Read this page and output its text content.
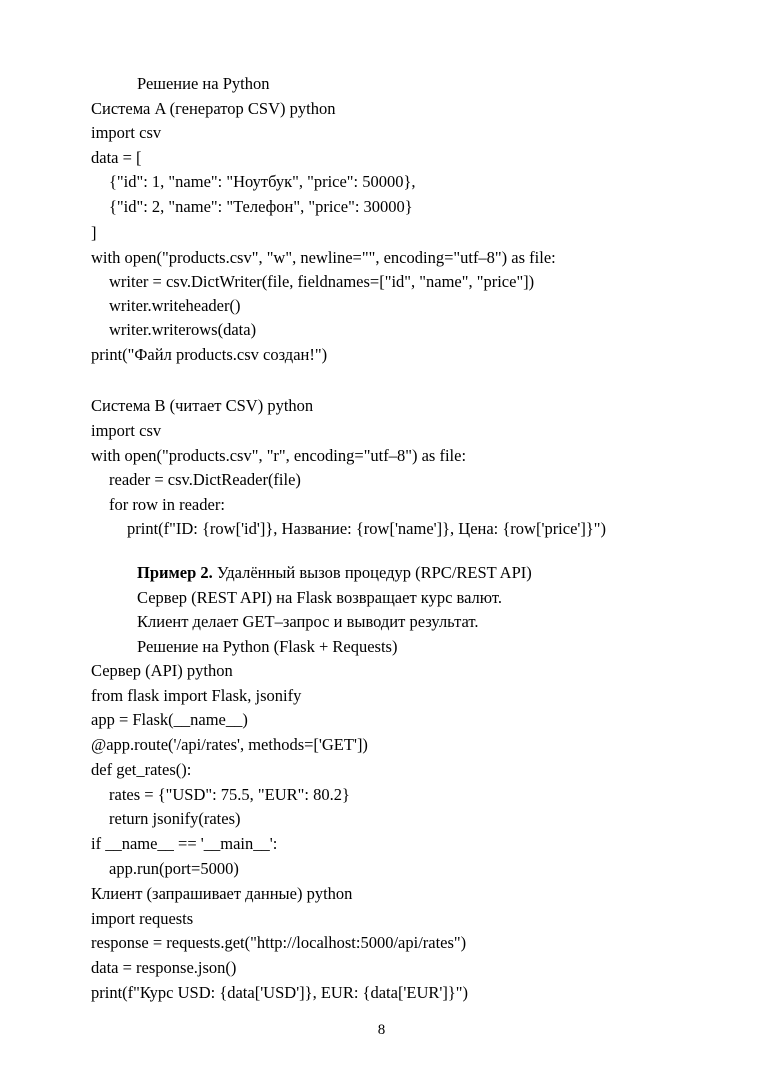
Решение на Python
Система A (генератор CSV) python
import csv
data = [
{"id": 1, "name": "Ноутбук", "price": 50000},
{"id": 2, "name": "Телефон", "price": 30000}
]
with open("products.csv", "w", newline="", encoding="utf–8") as file:
writer = csv.DictWriter(file, fieldnames=["id", "name", "price"])
writer.writeheader()
writer.writerows(data)
print("Файл products.csv создан!")
Система B (читает CSV) python
import csv
with open("products.csv", "r", encoding="utf–8") as file:
reader = csv.DictReader(file)
for row in reader:
print(f"ID: {row['id']}, Название: {row['name']}, Цена: {row['price']}")
Пример 2. Удалённый вызов процедур (RPC/REST API)
Сервер (REST API) на Flask возвращает курс валют.
Клиент делает GET–запрос и выводит результат.
Решение на Python (Flask + Requests)
Сервер (API) python
from flask import Flask, jsonify
app = Flask(__name__)
@app.route('/api/rates', methods=['GET'])
def get_rates():
rates = {"USD": 75.5, "EUR": 80.2}
return jsonify(rates)
if __name__ == '__main__':
app.run(port=5000)
Клиент (запрашивает данные) python
import requests
response = requests.get("http://localhost:5000/api/rates")
data = response.json()
print(f"Курс USD: {data['USD']}, EUR: {data['EUR']}")
8
